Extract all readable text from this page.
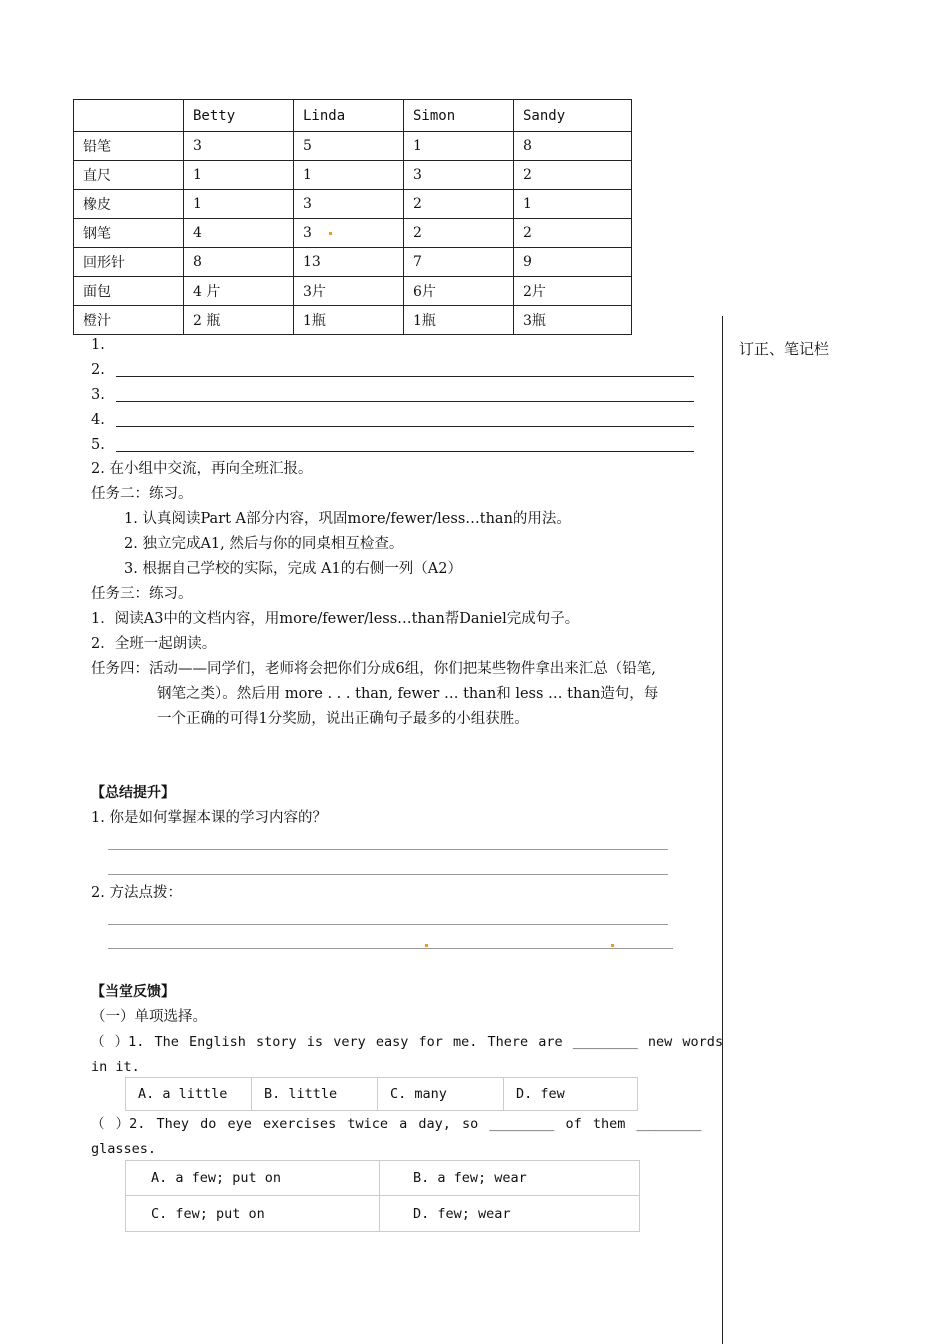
	Betty	Linda	Simon	Sandy
铅笔	3	5	1	8
直尺	1	1	3	2
橡皮	1	3	2	1
钢笔	4	3	2	2
回形针	8	13	7	9
面包	4 片	3片	6片	2片
橙汁	2 瓶	1瓶	1瓶	3瓶
订正、笔记栏
1.
2.
3.
4.
5.
2. 在小组中交流，再向全班汇报。
任务二：练习。
1. 认真阅读Part A部分内容，巩固more/fewer/less…than的用法。
2. 独立完成A1, 然后与你的同桌相互检查。
3. 根据自己学校的实际，完成 A1的右侧一列（A2）
任务三：练习。
1．阅读A3中的文档内容，用more/fewer/less…than帮Daniel完成句子。
2．全班一起朗读。
任务四：活动——同学们，老师将会把你们分成6组，你们把某些物件拿出来汇总（铅笔,
钢笔之类）。然后用 more . . . than, fewer … than和 less … than造句，每
一个正确的可得1分奖励，说出正确句子最多的小组获胜。
【总结提升】
1. 你是如何掌握本课的学习内容的？
2. 方法点拨：
【当堂反馈】
（一）单项选择。
（ ）1. The English story is very easy for me. There are ________ new words
in it.
A. a little	B. little	C. many	D. few
（ ）2. They do eye exercises twice a day, so ________ of them ________
glasses.
A. a few; put on	B. a few; wear
C. few; put on	D. few; wear
